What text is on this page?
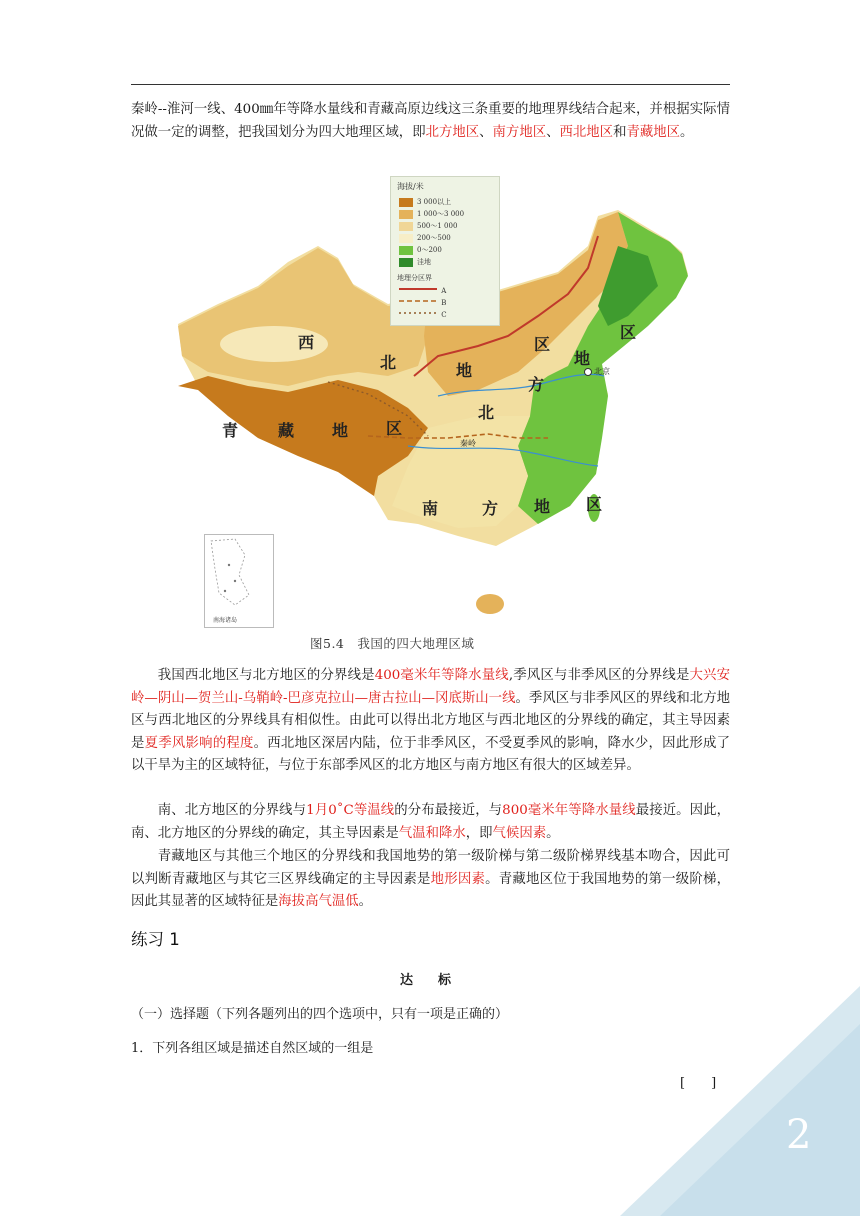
秦岭--淮河一线、400㎜年等降水量线和青藏高原边线这三条重要的地理界线结合起来，并根据实际情况做一定的调整，把我国划分为四大地理区域，即北方地区、南方地区、西北地区和青藏地区。

海拔/米
3 000以上
1 000～3 000
500～1 000
200～500
0～200
洼地
地理分区界
A
B
C
西
北	地
区
青 藏 地 区
北
方
地
区
南	方 地 区
北京
秦岭
南海诸岛
图5.4　我国的四大地理区域

我国西北地区与北方地区的分界线是400毫米年等降水量线,季风区与非季风区的分界线是大兴安岭—阴山—贺兰山-乌鞘岭-巴彦克拉山—唐古拉山—冈底斯山一线。季风区与非季风区的界线和北方地区与西北地区的分界线具有相似性。由此可以得出北方地区与西北地区的分界线的确定，其主导因素是夏季风影响的程度。西北地区深居内陆，位于非季风区，不受夏季风的影响，降水少，因此形成了以干旱为主的区域特征，与位于东部季风区的北方地区与南方地区有很大的区域差异。

南、北方地区的分界线与1月0˚C等温线的分布最接近，与800毫米年等降水量线最接近。因此，南、北方地区的分界线的确定，其主导因素是气温和降水，即气候因素。

青藏地区与其他三个地区的分界线和我国地势的第一级阶梯与第二级阶梯界线基本吻合，因此可以判断青藏地区与其它三区界线确定的主导因素是地形因素。青藏地区位于我国地势的第一级阶梯，因此其显著的区域特征是海拔高气温低。

练习 1
达　标
（一）选择题（下列各题列出的四个选项中，只有一项是正确的）
1．下列各组区域是描述自然区域的一组是
[　　]
2
